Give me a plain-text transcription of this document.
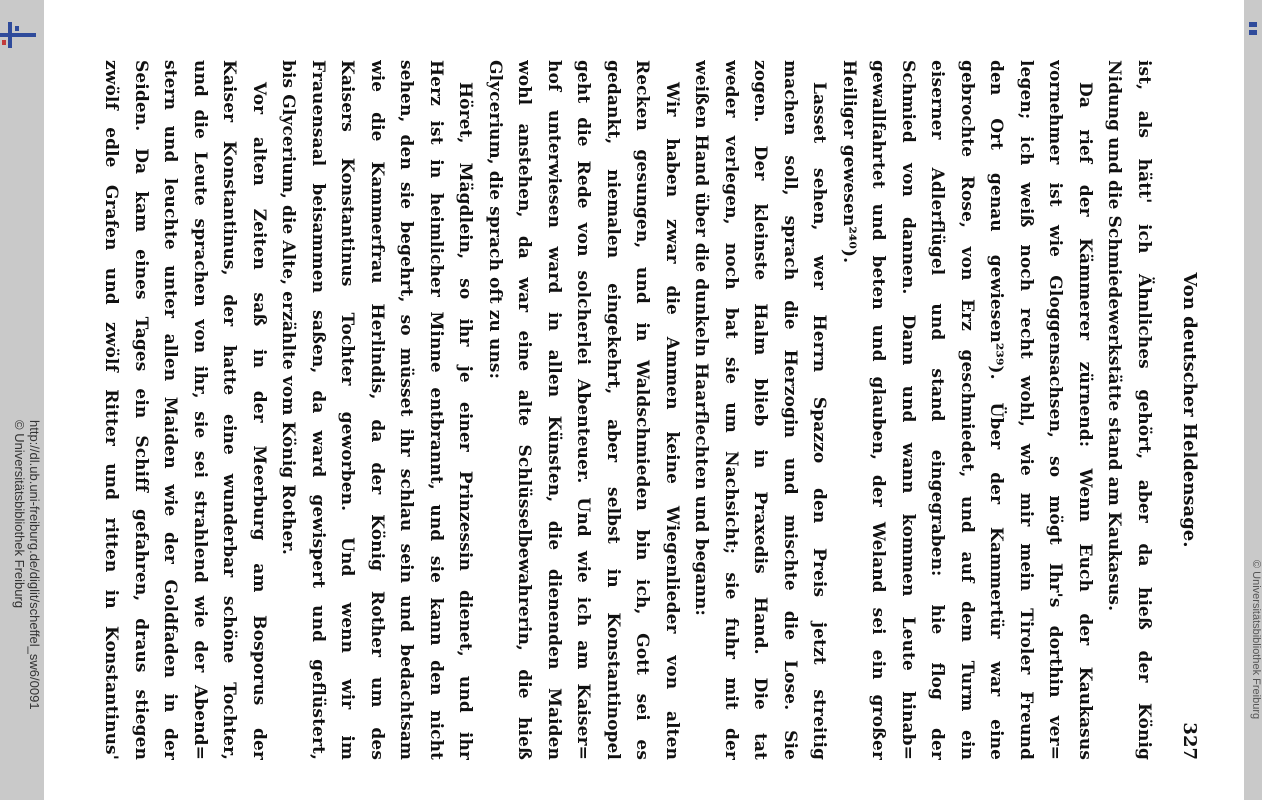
http://dl.ub.uni-freiburg.de/diglit/scheffel_sw6/0091
© Universitätsbibliothek Freiburg
© Universitätsbibliothek Freiburg
Von deutscher Heldensage.
327
ist, als hätt' ich Ähnliches gehört, aber da hieß der König
Nidung und die Schmiedewerkstätte stand am Kaukasus.
Da rief der Kämmerer zürnend: Wenn Euch der Kaukasus
vornehmer ist wie Gloggensachsen, so mögt Ihr's dorthin ver=
legen; ich weiß noch recht wohl, wie mir mein Tiroler Freund
den Ort genau gewiesen²³⁹). Über der Kammertür war eine
gebrochte Rose, von Erz geschmiedet, und auf dem Turm ein
eiserner Adlerflügel und stand eingegraben: hie flog der
Schmied von dannen. Dann und wann kommen Leute hinab=
gewallfahrtet und beten und glauben, der Weland sei ein großer
Heiliger gewesen²⁴⁰).
Lasset sehen, wer Herrn Spazzo den Preis jetzt streitig
machen soll, sprach die Herzogin und mischte die Lose. Sie
zogen. Der kleinste Halm blieb in Praxedis Hand. Die tat
weder verlegen, noch bat sie um Nachsicht; sie fuhr mit der
weißen Hand über die dunkeln Haarflechten und begann:
Wir haben zwar die Ammen keine Wiegenlieder von alten
Recken gesungen, und in Waldschmieden bin ich, Gott sei es
gedankt, niemalen eingekehrt, aber selbst in Konstantinopel
geht die Rede von solcherlei Abenteuer. Und wie ich am Kaiser=
hof unterwiesen ward in allen Künsten, die dienenden Maiden
wohl anstehen, da war eine alte Schlüsselbewahrerin, die hieß
Glycerium, die sprach oft zu uns:
Höret, Mägdlein, so ihr je einer Prinzessin dienet, und ihr
Herz ist in heimlicher Minne entbrannt, und sie kann den nicht
sehen, den sie begehrt, so müsset ihr schlau sein und bedachtsam
wie die Kammerfrau Herlindis, da der König Rother um des
Kaisers Konstantinus Tochter geworben. Und wenn wir im
Frauensaal beisammen saßen, da ward gewispert und geflüstert,
bis Glycerium, die Alte, erzählte vom König Rother.
Vor alten Zeiten saß in der Meerburg am Bosporus der
Kaiser Konstantinus, der hatte eine wunderbar schöne Tochter,
und die Leute sprachen von ihr, sie sei strahlend wie der Abend=
stern und leuchte unter allen Maiden wie der Goldfaden in der
Seiden. Da kam eines Tages ein Schiff gefahren, draus stiegen
zwölf edle Grafen und zwölf Ritter und ritten in Konstantinus'
